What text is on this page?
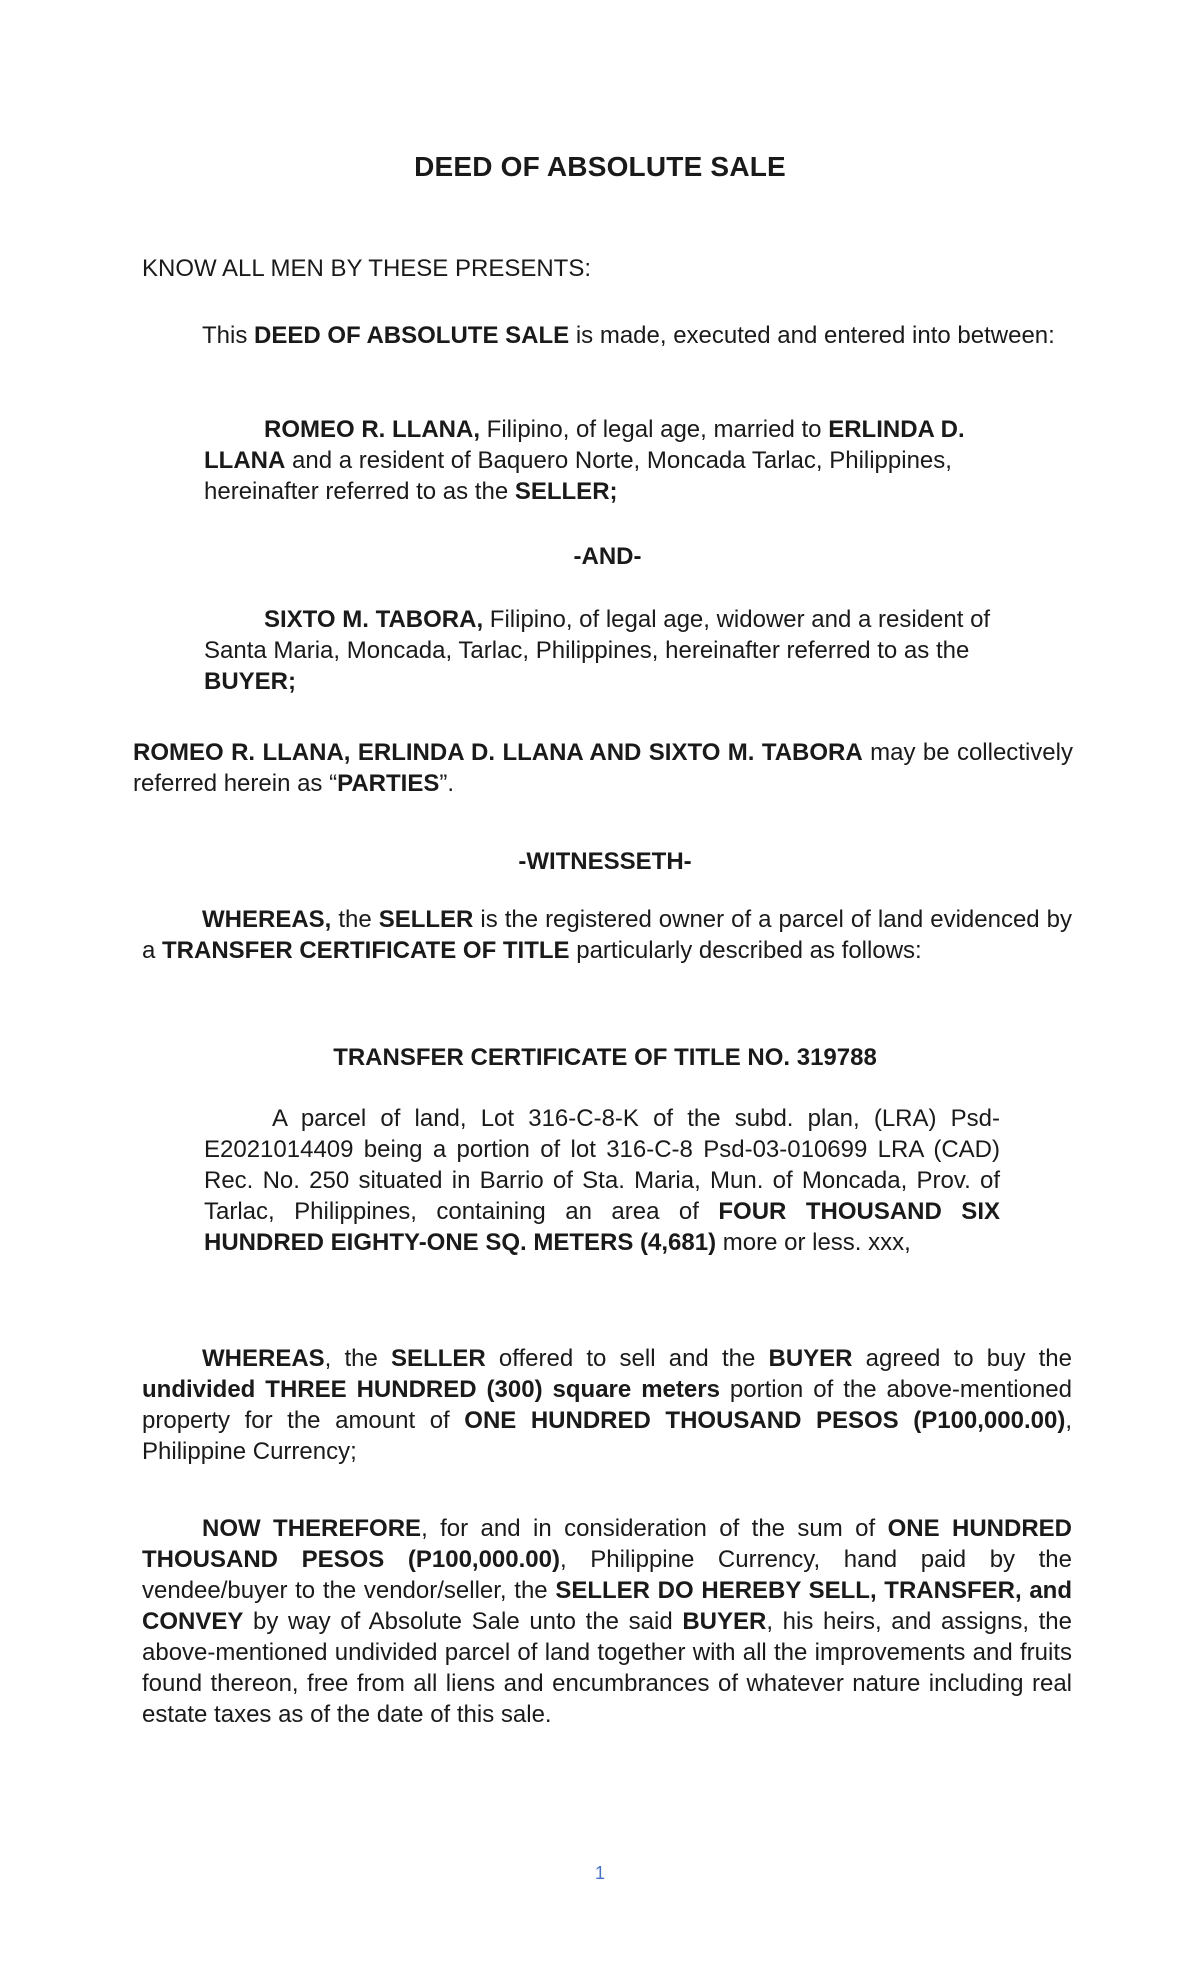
DEED OF ABSOLUTE SALE

KNOW ALL MEN BY THESE PRESENTS:

This DEED OF ABSOLUTE SALE is made, executed and entered into between:

ROMEO R. LLANA, Filipino, of legal age, married to ERLINDA D. LLANA and a resident of Baquero Norte, Moncada Tarlac, Philippines, hereinafter referred to as the SELLER;

-AND-

SIXTO M. TABORA, Filipino, of legal age, widower and a resident of Santa Maria, Moncada, Tarlac, Philippines, hereinafter referred to as the BUYER;

ROMEO R. LLANA, ERLINDA D. LLANA AND SIXTO M. TABORA may be collectively referred herein as “PARTIES”.

-WITNESSETH-

WHEREAS, the SELLER is the registered owner of a parcel of land evidenced by a TRANSFER CERTIFICATE OF TITLE particularly described as follows:

TRANSFER CERTIFICATE OF TITLE NO. 319788

A parcel of land, Lot 316-C-8-K of the subd. plan, (LRA) Psd-E2021014409 being a portion of lot 316-C-8 Psd-03-010699 LRA (CAD) Rec. No. 250 situated in Barrio of Sta. Maria, Mun. of Moncada, Prov. of Tarlac, Philippines, containing an area of FOUR THOUSAND SIX HUNDRED EIGHTY-ONE SQ. METERS (4,681) more or less. xxx,

WHEREAS, the SELLER offered to sell and the BUYER agreed to buy the undivided THREE HUNDRED (300) square meters portion of the above-mentioned property for the amount of ONE HUNDRED THOUSAND PESOS (P100,000.00), Philippine Currency;

NOW THEREFORE, for and in consideration of the sum of ONE HUNDRED THOUSAND PESOS (P100,000.00), Philippine Currency, hand paid by the vendee/buyer to the vendor/seller, the SELLER DO HEREBY SELL, TRANSFER, and CONVEY by way of Absolute Sale unto the said BUYER, his heirs, and assigns, the above-mentioned undivided parcel of land together with all the improvements and fruits found thereon, free from all liens and encumbrances of whatever nature including real estate taxes as of the date of this sale.

1
